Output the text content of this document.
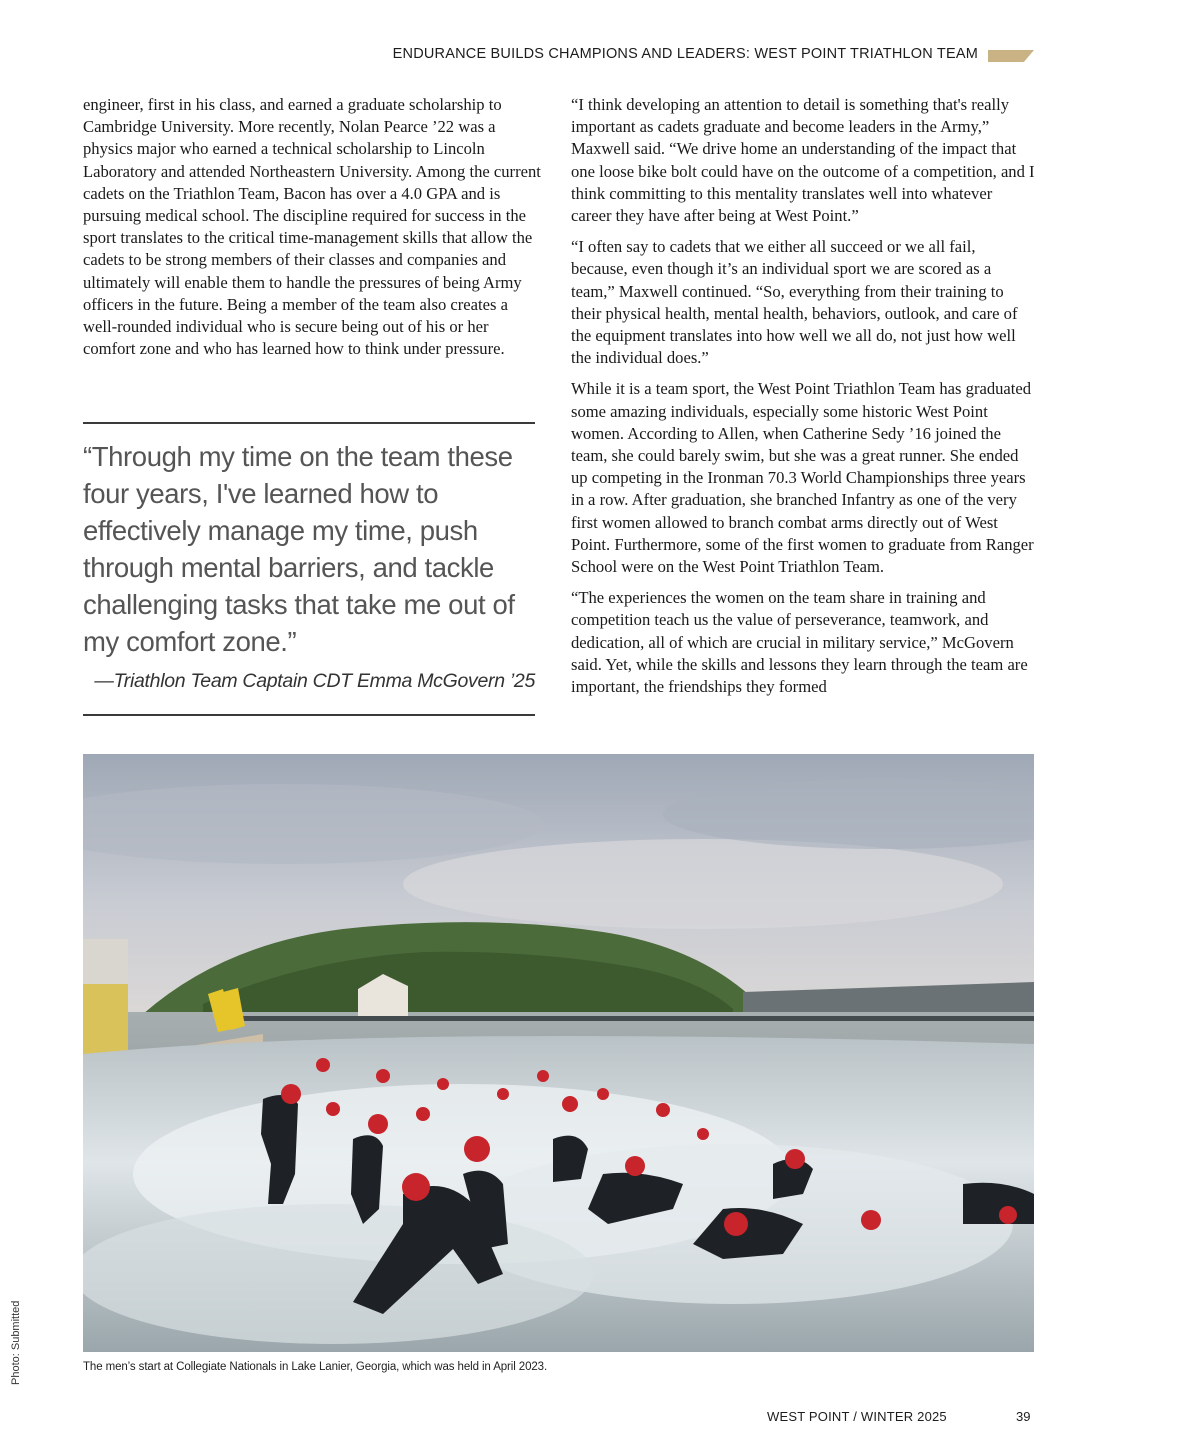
ENDURANCE BUILDS CHAMPIONS AND LEADERS: WEST POINT TRIATHLON TEAM

engineer, first in his class, and earned a graduate scholarship to Cambridge University. More recently, Nolan Pearce ’22 was a physics major who earned a technical scholarship to Lincoln Laboratory and attended Northeastern University. Among the current cadets on the Triathlon Team, Bacon has over a 4.0 GPA and is pursuing medical school. The discipline required for success in the sport translates to the critical time-management skills that allow the cadets to be strong members of their classes and companies and ultimately will enable them to handle the pressures of being Army officers in the future. Being a member of the team also creates a well-rounded individual who is secure being out of his or her comfort zone and who has learned how to think under pressure.

“Through my time on the team these four years, I've learned how to effectively manage my time, push through mental barriers, and tackle challenging tasks that take me out of my comfort zone.”
—Triathlon Team Captain CDT Emma McGovern ’25

“I think developing an attention to detail is something that's really important as cadets graduate and become leaders in the Army,” Maxwell said. “We drive home an understanding of the impact that one loose bike bolt could have on the outcome of a competition, and I think committing to this mentality translates well into whatever career they have after being at West Point.”

“I often say to cadets that we either all succeed or we all fail, because, even though it’s an individual sport we are scored as a team,” Maxwell continued. “So, everything from their training to their physical health, mental health, behaviors, outlook, and care of the equipment translates into how well we all do, not just how well the individual does.”

While it is a team sport, the West Point Triathlon Team has graduated some amazing individuals, especially some historic West Point women. According to Allen, when Catherine Sedy ’16 joined the team, she could barely swim, but she was a great runner. She ended up competing in the Ironman 70.3 World Championships three years in a row. After graduation, she branched Infantry as one of the very first women allowed to branch combat arms directly out of West Point. Furthermore, some of the first women to graduate from Ranger School were on the West Point Triathlon Team.

“The experiences the women on the team share in training and competition teach us the value of perseverance, teamwork, and dedication, all of which are crucial in military service,” McGovern said. Yet, while the skills and lessons they learn through the team are important, the friendships they formed

The men’s start at Collegiate Nationals in Lake Lanier, Georgia, which was held in April 2023.
Photo: Submitted
WEST POINT / WINTER 2025	39
